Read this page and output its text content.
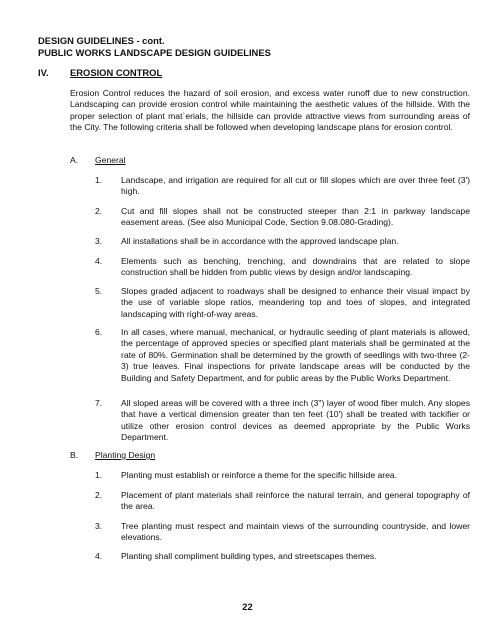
DESIGN GUIDELINES - cont.
PUBLIC WORKS LANDSCAPE DESIGN GUIDELINES
IV. EROSION CONTROL
Erosion Control reduces the hazard of soil erosion, and excess water runoff due to new construction. Landscaping can provide erosion control while maintaining the aesthetic values of the hillside. With the proper selection of plant mat`erials, the hillside can provide attractive views from surrounding areas of the City. The following criteria shall be followed when developing landscape plans for erosion control.
A. General
1. Landscape, and irrigation are required for all cut or fill slopes which are over three feet (3') high.
2. Cut and fill slopes shall not be constructed steeper than 2:1 in parkway landscape easement areas. (See also Municipal Code, Section 9.08.080-Grading).
3. All installations shall be in accordance with the approved landscape plan.
4. Elements such as benching, trenching, and downdrains that are related to slope construction shall be hidden from public views by design and/or landscaping.
5. Slopes graded adjacent to roadways shall be designed to enhance their visual impact by the use of variable slope ratios, meandering top and toes of slopes, and integrated landscaping with right-of-way areas.
6. In all cases, where manual, mechanical, or hydraulic seeding of plant materials is allowed, the percentage of approved species or specified plant materials shall be germinated at the rate of 80%. Germination shall be determined by the growth of seedlings with two-three (2-3) true leaves. Final inspections for private landscape areas will be conducted by the Building and Safety Department, and for public areas by the Public Works Department.
7. All sloped areas will be covered with a three inch (3") layer of wood fiber mulch. Any slopes that have a vertical dimension greater than ten feet (10') shall be treated with tackifier or utilize other erosion control devices as deemed appropriate by the Public Works Department.
B. Planting Design
1. Planting must establish or reinforce a theme for the specific hillside area.
2. Placement of plant materials shall reinforce the natural terrain, and general topography of the area.
3. Tree planting must respect and maintain views of the surrounding countryside, and lower elevations.
4. Planting shall compliment building types, and streetscapes themes.
22
